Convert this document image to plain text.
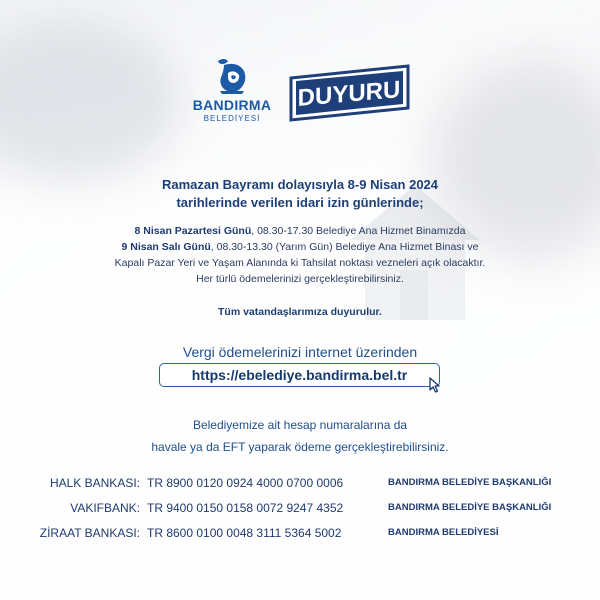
BANDIRMA
BELEDİYESİ
DUYURU
Ramazan Bayramı dolayısıyla 8-9 Nisan 2024
tarihlerinde verilen idari izin günlerinde;
8 Nisan Pazartesi Günü, 08.30-17.30 Belediye Ana Hizmet Binamızda
9 Nisan Salı Günü, 08.30-13.30 (Yarım Gün) Belediye Ana Hizmet Binası ve
Kapalı Pazar Yeri ve Yaşam Alanında ki Tahsilat noktası vezneleri açık olacaktır.
Her türlü ödemelerinizi gerçekleştirebilirsiniz.
Tüm vatandaşlarımıza duyurulur.
Vergi ödemelerinizi internet üzerinden
https://ebelediye.bandirma.bel.tr
Belediyemize ait hesap numaralarına da
havale ya da EFT yaparak ödeme gerçekleştirebilirsiniz.
HALK BANKASI: TR 8900 0120 0924 4000 0700 0006	BANDIRMA BELEDİYE BAŞKANLIĞI
VAKIFBANK: TR 9400 0150 0158 0072 9247 4352	BANDIRMA BELEDİYE BAŞKANLIĞI
ZİRAAT BANKASI: TR 8600 0100 0048 3111 5364 5002	BANDIRMA BELEDİYESİ
